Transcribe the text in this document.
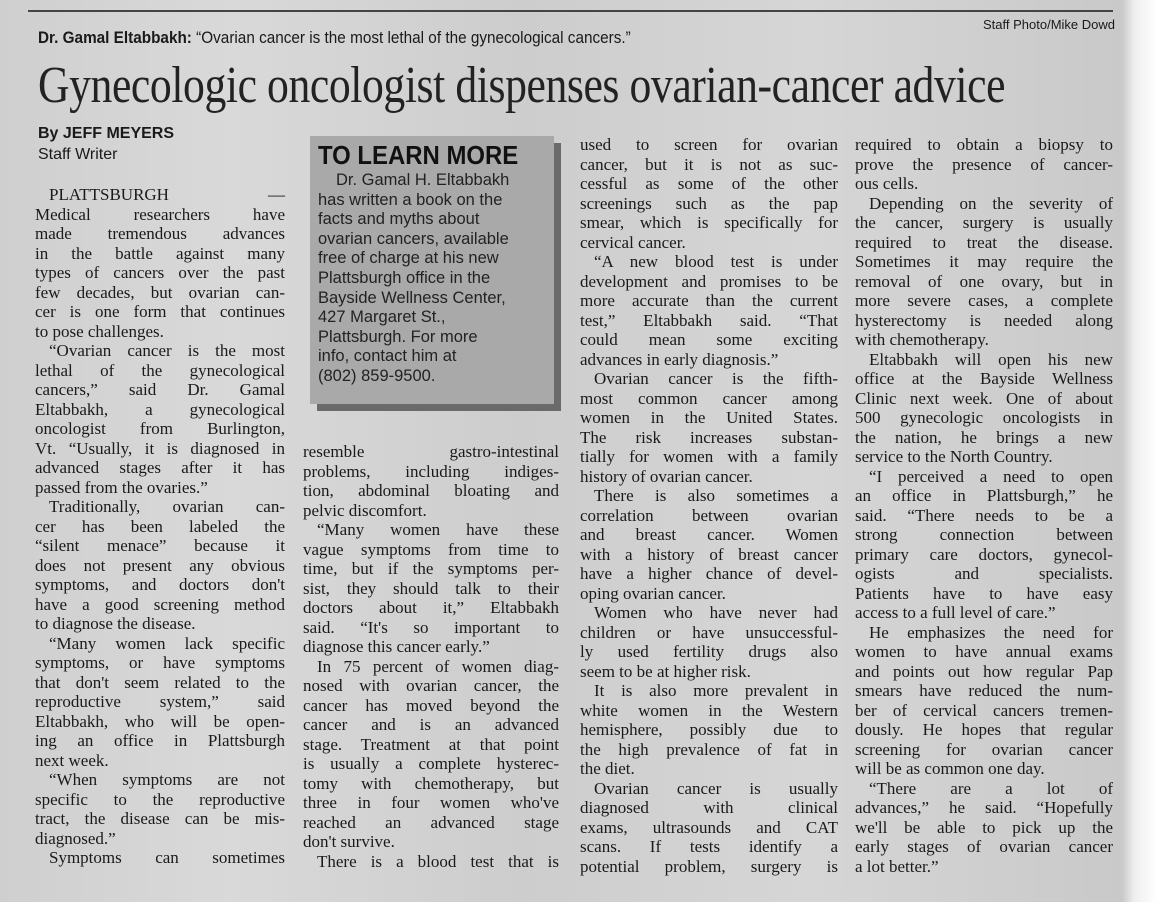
Staff Photo/Mike Dowd
Dr. Gamal Eltabbakh: “Ovarian cancer is the most lethal of the gynecological cancers.”
Gynecologic oncologist dispenses ovarian-cancer advice
By JEFF MEYERS
Staff Writer	TO LEARN MORE
Dr. Gamal H. Eltabbakh
has written a book on the
facts and myths about
ovarian cancers, available
free of charge at his new
Plattsburgh office in the
Bayside Wellness Center,
427 Margaret St.,
Plattsburgh. For more
info, contact him at
(802) 859-9500.
PLATTSBURGH —
Medical researchers have
made tremendous advances
in the battle against many
types of cancers over the past
few decades, but ovarian can-
cer is one form that continues
to pose challenges.
“Ovarian cancer is the most
lethal of the gynecological
cancers,” said Dr. Gamal
Eltabbakh, a gynecological
oncologist from Burlington,
Vt. “Usually, it is diagnosed in
advanced stages after it has
passed from the ovaries.”
Traditionally, ovarian can-
cer has been labeled the
“silent menace” because it
does not present any obvious
symptoms, and doctors don't
have a good screening method
to diagnose the disease.
“Many women lack specific
symptoms, or have symptoms
that don't seem related to the
reproductive system,” said
Eltabbakh, who will be open-
ing an office in Plattsburgh
next week.
“When symptoms are not
specific to the reproductive
tract, the disease can be mis-
diagnosed.”
Symptoms can sometimes
resemble gastro-intestinal
problems, including indiges-
tion, abdominal bloating and
pelvic discomfort.
“Many women have these
vague symptoms from time to
time, but if the symptoms per-
sist, they should talk to their
doctors about it,” Eltabbakh
said. “It's so important to
diagnose this cancer early.”
In 75 percent of women diag-
nosed with ovarian cancer, the
cancer has moved beyond the
cancer and is an advanced
stage. Treatment at that point
is usually a complete hysterec-
tomy with chemotherapy, but
three in four women who've
reached an advanced stage
don't survive.
There is a blood test that is
used to screen for ovarian
cancer, but it is not as suc-
cessful as some of the other
screenings such as the pap
smear, which is specifically for
cervical cancer.
“A new blood test is under
development and promises to be
more accurate than the current
test,” Eltabbakh said. “That
could mean some exciting
advances in early diagnosis.”
Ovarian cancer is the fifth-
most common cancer among
women in the United States.
The risk increases substan-
tially for women with a family
history of ovarian cancer.
There is also sometimes a
correlation between ovarian
and breast cancer. Women
with a history of breast cancer
have a higher chance of devel-
oping ovarian cancer.
Women who have never had
children or have unsuccessful-
ly used fertility drugs also
seem to be at higher risk.
It is also more prevalent in
white women in the Western
hemisphere, possibly due to
the high prevalence of fat in
the diet.
Ovarian cancer is usually
diagnosed with clinical
exams, ultrasounds and CAT
scans. If tests identify a
potential problem, surgery is
required to obtain a biopsy to
prove the presence of cancer-
ous cells.
Depending on the severity of
the cancer, surgery is usually
required to treat the disease.
Sometimes it may require the
removal of one ovary, but in
more severe cases, a complete
hysterectomy is needed along
with chemotherapy.
Eltabbakh will open his new
office at the Bayside Wellness
Clinic next week. One of about
500 gynecologic oncologists in
the nation, he brings a new
service to the North Country.
“I perceived a need to open
an office in Plattsburgh,” he
said. “There needs to be a
strong connection between
primary care doctors, gynecol-
ogists and specialists.
Patients have to have easy
access to a full level of care.”
He emphasizes the need for
women to have annual exams
and points out how regular Pap
smears have reduced the num-
ber of cervical cancers tremen-
dously. He hopes that regular
screening for ovarian cancer
will be as common one day.
“There are a lot of
advances,” he said. “Hopefully
we'll be able to pick up the
early stages of ovarian cancer
a lot better.”
